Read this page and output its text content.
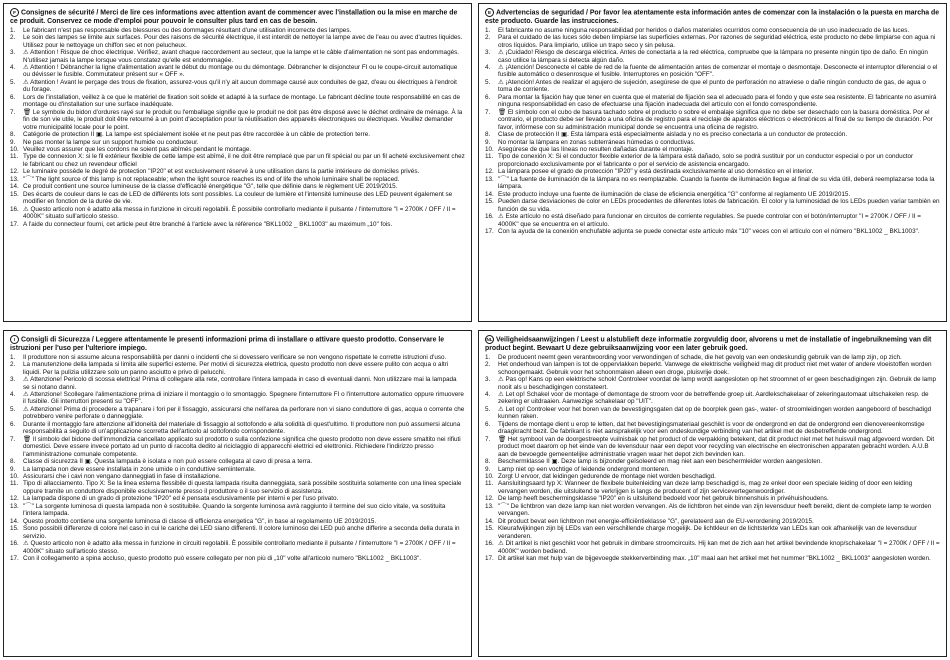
F Consignes de sécurité / Merci de lire ces informations avec attention avant de commencer avec l'installation ou la mise en marche de ce produit. Conservez ce mode d'emploi pour pouvoir le consulter plus tard en cas de besoin.
1.	Le fabricant n'est pas responsable des blessures ou des dommages résultant d'une utilisation incorrecte des lampes.
2.	Le soin des lampes se limite aux surfaces. Pour des raisons de sécurité électrique, il est interdit de nettoyer la lampe avec de l'eau ou avec d'autres liquides. Utilisez pour le nettoyage un chiffon sec et non pelucheux.
3.	⚠ Attention ! Risque de choc électrique. Vérifiez, avant chaque raccordement au secteur, que la lampe et le câble d'alimentation ne sont pas endommagés. N'utilisez jamais la lampe lorsque vous constatez qu'elle est endommagée.
4.	⚠ Attention ! Débrancher la ligne d'alimentation avant le début du montage ou du démontage. Débrancher le disjoncteur FI ou le coupe-circuit automatique ou dévisser le fusible. Commutateur présent sur « OFF ».
5.	⚠ Attention ! Avant le perçage des trous de fixation, assurez-vous qu'il n'y ait aucun dommage causé aux conduites de gaz, d'eau ou électriques à l'endroit du forage.
6.	Lors de l'installation, veillez à ce que le matériel de fixation soit solide et adapté à la surface de montage. Le fabricant décline toute responsabilité en cas de montage ou d'installation sur une surface inadéquate.
7.	🗑 Le symbole du bidon d'ordures rayé sur le produit ou l'emballage signifie que le produit ne doit pas être disposé avec le déchet ordinaire de ménage. À la fin de son vie utile, le produit doit être retourné à un point d'acceptation pour la réutilisation des appareils électroniques ou électriques. Veuillez demander votre municipalité locale pour le point.
8.	Catégorie de protection II ▣. La lampe est spécialement isolée et ne peut pas être raccordée à un câble de protection terre.
9.	Ne pas monter la lampe sur un support humide ou conducteur.
10. Veuillez vous assurer que les cordons ne soient pas abîmés pendant le montage.
11. Type de connexion X: si le fil extérieur flexible de cette lampe est abîmé, il ne doit être remplacé que par un fil spécial ou par un fil acheté exclusivement chez le fabricant ou chez un revendeur officiel
12. Le luminaire possède le degré de protection "IP20" et est exclusivement réservé à une utilisation dans la partie intérieure de domiciles privés.
13. "⌒" The light source of this lamp is not replaceable; when the light source reaches its end of life the whole luminaire shall be replaced.
14. Ce produit contient une source lumineuse de la classe d'efficacité énergétique "G", telle que définie dans le règlement UE 2019/2015.
15. Des écarts de couleur dans le cas de LED de différents lots sont possibles. La couleur de lumière et l'intensité lumineuse des LED peuvent également se modifier en fonction de la durée de vie.
16. ⚠ Questo articolo non è adatto alla messa in funzione in circuiti regolabili. È possibile controllarlo mediante il pulsante / l'interruttore "I = 2700K / OFF / II = 4000K" situato sull'articolo stesso.
17. A l'aide du connecteur fourni, cet article peut être branché à l'article avec la référence "BKL1002 _ BKL1003" au maximum „10" fois.
E Advertencias de seguridad / Por favor lea atentamente esta información antes de comenzar con la instalación o la puesta en marcha de este producto. Guarde las instrucciones.
1.	El fabricante no asume ninguna responsabilidad por heridos o daños materiales ocurridos como consecuencia de un uso inadecuado de las luces.
2.	Para el cuidado de las luces sólo deben limpiarse las superficies externas. Por razones de seguridad eléctrica, este producto no debe limpiarse con agua ni otros líquidos. Para limpiarlo, utilice un trapo seco y sin pelusa.
3.	⚠ ¡Cuidado! Riesgo de descarga eléctrica. Antes de conectarla a la red eléctrica, compruebe que la lámpara no presente ningún tipo de daño. En ningún caso utilice la lámpara si detecta algún daño.
4.	⚠ ¡Atención! Desconecte el cable de red de la fuente de alimentación antes de comenzar el montaje o desmontaje. Desconecte el interruptor diferencial o el fusible automático o desenrosque el fusible. Interruptores en posición "OFF".
5.	⚠ ¡Atención! Antes de realizar el agujero de sujeción, asegúrese de que el punto de perforación no atraviese o dañe ningún conducto de gas, de agua o toma de corriente.
6.	Para montar la fijación hay que tener en cuenta que el material de fijación sea el adecuado para el fondo y que este sea resistente. El fabricante no asumirá ninguna responsabilidad en caso de efectuarse una fijación inadecuada del artículo con el fondo correspondiente.
7.	🗑 El símbolo con el cubo de basura tachado sobre el producto o sobre el embalaje significa que no debe ser desechado con la basura doméstica. Por el contrario, el producto debe ser llevado a una oficina de registro para el reciclaje de aparatos eléctricos o electrónicos al final de su tiempo de duración. Por favor, infórmese con su administración municipal donde se encuentra una oficina de registro.
8.	Clase de protección II ▣. Esta lámpara está especialmente aislada y no es preciso conectarla a un conductor de protección.
9.	No montar la lámpara en zonas subterráneas húmedas o conductivas.
10. Asegúrese de que las líneas no resulten dañadas durante el montaje.
11. Tipo de conexión X: Si el conductor flexible exterior de la lámpara está dañado, solo se podrá sustituir por un conductor especial o por un conductor proporcionado exclusivamente por el fabricante o por el servicio de asistencia encargado.
12. La lámpara posee el grado de protección "IP20" y está destinada exclusivamente al uso doméstico en el interior.
13. "⌒" La fuente de iluminación de la lámpara no es reemplazable. Cuando la fuente de iluminación llegue al final de su vida útil, deberá reemplazarse toda la lámpara.
14. Este producto incluye una fuente de iluminación de clase de eficiencia energética "G" conforme al reglamento UE 2019/2015.
15. Pueden darse desviaciones de color en LEDs procedentes de diferentes lotes de fabricación. El color y la luminosidad de los LEDs pueden variar también en función de su vida.
16. ⚠ Este artículo no está diseñado para funcionar en circuitos de corriente regulables. Se puede controlar con el botón/interruptor "I = 2700K / OFF / II = 4000K" que se encuentra en el artículo.
17. Con la ayuda de la conexión enchufable adjunta se puede conectar este artículo máx "10" veces con el artículo con el número "BKL1002 _ BKL1003".
I Consigli di Sicurezza / Leggere attentamente le presenti informazioni prima di installare o attivare questo prodotto. Conservare le istruzioni per l'uso per l'ulteriore impiego.
1.	Il produttore non si assume alcuna responsabilità per danni o incidenti che si dovessero verificare se non vengono rispettate le corrette istruzioni d'uso.
2.	La manutenzione della lampada si limita alle superfici esterne. Per motivi di sicurezza elettrica, questo prodotto non deve essere pulito con acqua o altri liquidi. Per la pulizia utilizzare solo un panno asciutto e privo di pelucchi.
3.	⚠ Attenzione! Pericolo di scossa elettrica! Prima di collegare alla rete, controllare l'intera lampada in caso di eventuali danni. Non utilizzare mai la lampada se si notano danni.
4.	⚠ Attenzione! Scollegare l'alimentazione prima di iniziare il montaggio o lo smontaggio. Spegnere l'interruttore FI o l'interruttore automatico oppure rimuovere il fusibile. Gli interruttori presenti su "OFF".
5.	⚠ Attenzione! Prima di procedere a trapanare i fori per il fissaggio, assicurarsi che nell'area da perforare non vi siano conduttore di gas, acqua o corrente che potrebbero venire perforate o danneggiate.
6.	Durante il montaggio fare attenzione all'idoneità del materiale di fissaggio al sottofondo e alla solidità di quest'ultimo. Il produttore non può assumersi alcuna responsabilità a seguito di un'applicazione scorretta dell'articolo al sottofondo corrispondente.
7.	🗑 Il simbolo del bidone dell'immondizia cancellato applicato sul prodotto o sulla confezione significa che questo prodotto non deve essere smaltito nei rifiuti domestici. Deve essere invece portato ad un punto di raccolta dedito al riciclaggio di apparecchi elettrici ed elettronici. Richiedere l'indirizzo presso l'amministrazione comunale competente.
8.	Classe di sicurezza II ▣. Questa lampada è isolata e non può essere collegata al cavo di presa a terra.
9.	La lampada non deve essere installata in zone umide o in conduttive semiinterrate.
10. Assicurarsi che i cavi non vengano danneggiati in fase di installazione.
11. Tipo di allacciamento. Tipo X: Se la linea esterna flessibile di questa lampada risulta danneggiata, sarà possibile sostituirla solamente con una linea speciale oppure tramite un conduttore disponibile esclusivamente presso il produttore o il suo servizio di assistenza.
12. La lampada dispone di un grado di protezione "IP20" ed è pensata esclusivamente per interni e per l'uso privato.
13. "⌒" La sorgente luminosa di questa lampada non è sostituibile. Quando la sorgente luminosa avrà raggiunto il termine del suo ciclo vitale, va sostituita l'intera lampada.
14. Questo prodotto contiene una sorgente luminosa di classe di efficienza energetica "G", in base al regolamento UE 2019/2015.
15. Sono possibili differenze di colore nel caso in cui le cariche dei LED siano differenti. Il colore luminoso dei LED può anche differire a seconda della durata in servizio.
16. ⚠ Questo articolo non è adatto alla messa in funzione in circuiti regolabili. È possibile controllarlo mediante il pulsante / l'interruttore "I = 2700K / OFF / II = 4000K" situato sull'articolo stesso.
17. Con il collegamento a spina accluso, questo prodotto può essere collegato per non più di „10" volte all'articolo numero "BKL1002 _ BKL1003".
NL Veiligheidsaanwijzingen / Leest u alstublieft deze informatie zorgvuldig door, alvorens u met de installatie of ingebruikneming van dit product begint. Bewaart U deze gebruiksaanwijzing voor een later gebruik goed.
1.	De producent neemt geen verantwoording voor verwondingen of schade, die het gevolg van een ondeskundig gebruik van de lamp zijn, op zich.
2.	Het onderhoud van lampen is tot de oppervlakken beperkt. Vanwege de elektrische veiligheid mag dit product niet met water of andere vloeistoffen worden schoongemaakt. Gebruik voor het schoonmaken alleen een droge, pluisvrije doek.
3.	⚠ Pas op! Kans op een elektrische schok! Controleer voordat de lamp wordt aangesloten op het stroomnet of er geen beschadigingen zijn. Gebruik de lamp nooit als u beschadigingen constateert.
4.	⚠ Let op! Schakel voor de montage of demontage de stroom voor de betreffende groep uit. Aardlekschakelaar of zekeringautomaat uitschakelen resp. de zekering er uitdraaien. Aanwezige schakelaar op "UIT".
5.	⚠ Let op! Controleer voor het boren van de bevestigingsgaten dat op de boorplek geen gas-, water- of stroomleidingen worden aangeboord of beschadigd kunnen raken.
6.	Tijdens de montage dient u erop te letten, dat het bevestigingsmateriaal geschikt is voor de ondergrond en dat de ondergrond een dienovereenkomstige draagkracht bezit. De fabrikant is niet aansprakelijk voor een ondeskundige verbinding van het artikel met de desbetreffende ondergrond.
7.	🗑 Het symbool van de doorgestreepte vuilnisbak op het product of de verpakking betekent, dat dit product niet met het huisvuil mag afgevoerd worden. Dit product moet daarom op het einde van de levensduur naar een depot voor recycling van electrische en electronischen apparaten gebracht worden. A.U.B aan de bevoegde gemeentelijke administratie vragen waar het depot zich bevinden kan.
8.	Beschermklasse II ▣. Deze lamp is bijzonder geïsoleerd en mag niet aan een beschermleider worden aangesloten.
9.	Lamp niet op een vochtige of leidende ondergrond monteren.
10. Zorgt U ervoor, dat leidingen gedurende de montage niet worden beschadigd.
11. Aansluitingsaard typ X: Wanneer de flexibele buitenleiding van deze lamp beschadigd is, mag ze enkel door een speciale leiding of door een leiding vervangen worden, die uitsluitend te verkrijgen is langs de producent of zijn servicevertegenwoordiger.
12. De lamp heeft beschermingsklasse "IP20" en is uitsluitend bedoeld voor het gebruik binnenshuis in privéhuishoudens.
13. "⌒" De lichtbron van deze lamp kan niet worden vervangen. Als de lichtbron het einde van zijn levensduur heeft bereikt, dient de complete lamp te worden vervangen.
14. Dit product bevat een lichtbron met energie-efficiëntieklasse "G", gerelateerd aan de EU-verordening 2019/2015.
15. Kleurafwijkingen zijn bij LEDs van een verschillende charge mogelijk. De lichtkleur en de lichtsterkte van LEDs kan ook afhankelijk van de levensduur veranderen.
16. ⚠ Dit artikel is niet geschikt voor het gebruik in dimbare stroomcircuits. Hij kan met de zich aan het artikel bevindende knop/schakelaar "I = 2700K / OFF / II = 4000K" worden bediend.
17. Dit artikel kan met hulp van de bijgevoegde stekkerverbinding max. „10" maal aan het artikel met het nummer "BKL1002 _ BKL1003" aangesloten worden.
